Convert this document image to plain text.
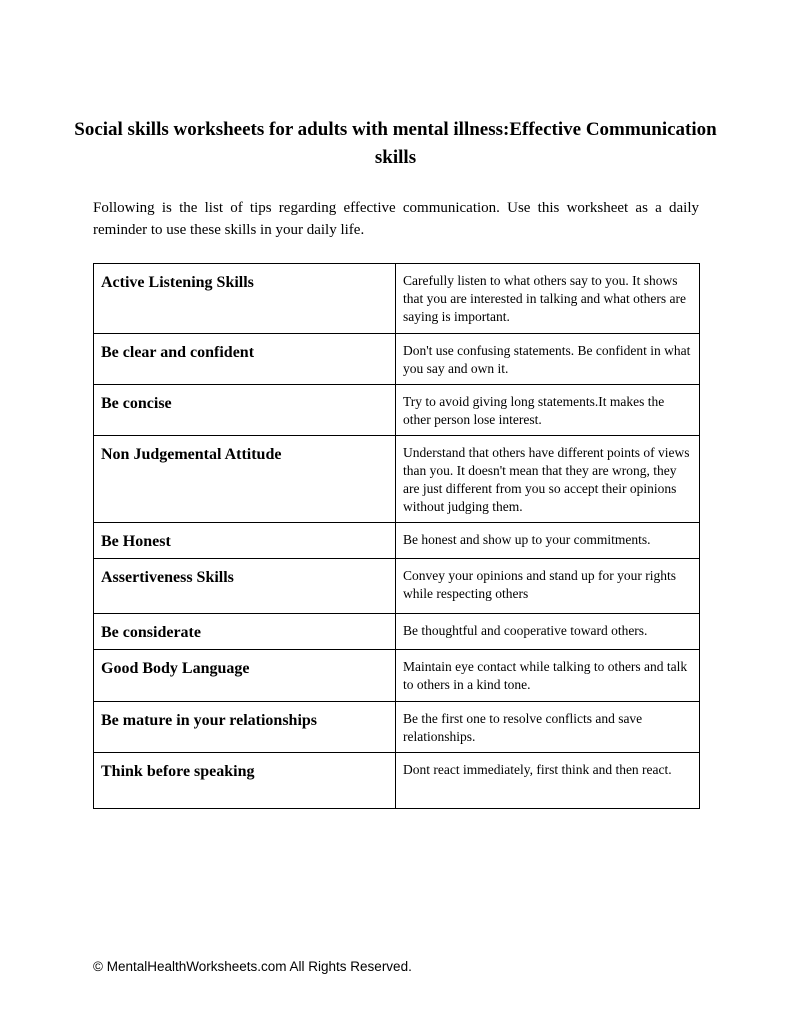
Social skills worksheets for adults with mental illness:Effective Communication skills

Following is the list of tips regarding effective communication. Use this worksheet as a daily reminder to use these skills in your daily life.

Active Listening Skills	Carefully listen to what others say to you. It shows that you are interested in talking and what others are saying is important.
Be clear and confident	Don't use confusing statements. Be confident in what you say and own it.
Be concise	Try to avoid giving long statements.It makes the other person lose interest.
Non Judgemental Attitude	Understand that others have different points of views than you. It doesn't mean that they are wrong, they are just different from you so accept their opinions without judging them.
Be Honest	Be honest and show up to your commitments.
Assertiveness Skills	Convey your opinions and stand up for your rights while respecting others
Be considerate	Be thoughtful and cooperative toward others.
Good Body Language	Maintain eye contact while talking to others and talk to others in a kind tone.
Be mature in your relationships	Be the first one to resolve conflicts and save relationships.
Think before speaking	Dont react immediately, first think and then react.

© MentalHealthWorksheets.com All Rights Reserved.
